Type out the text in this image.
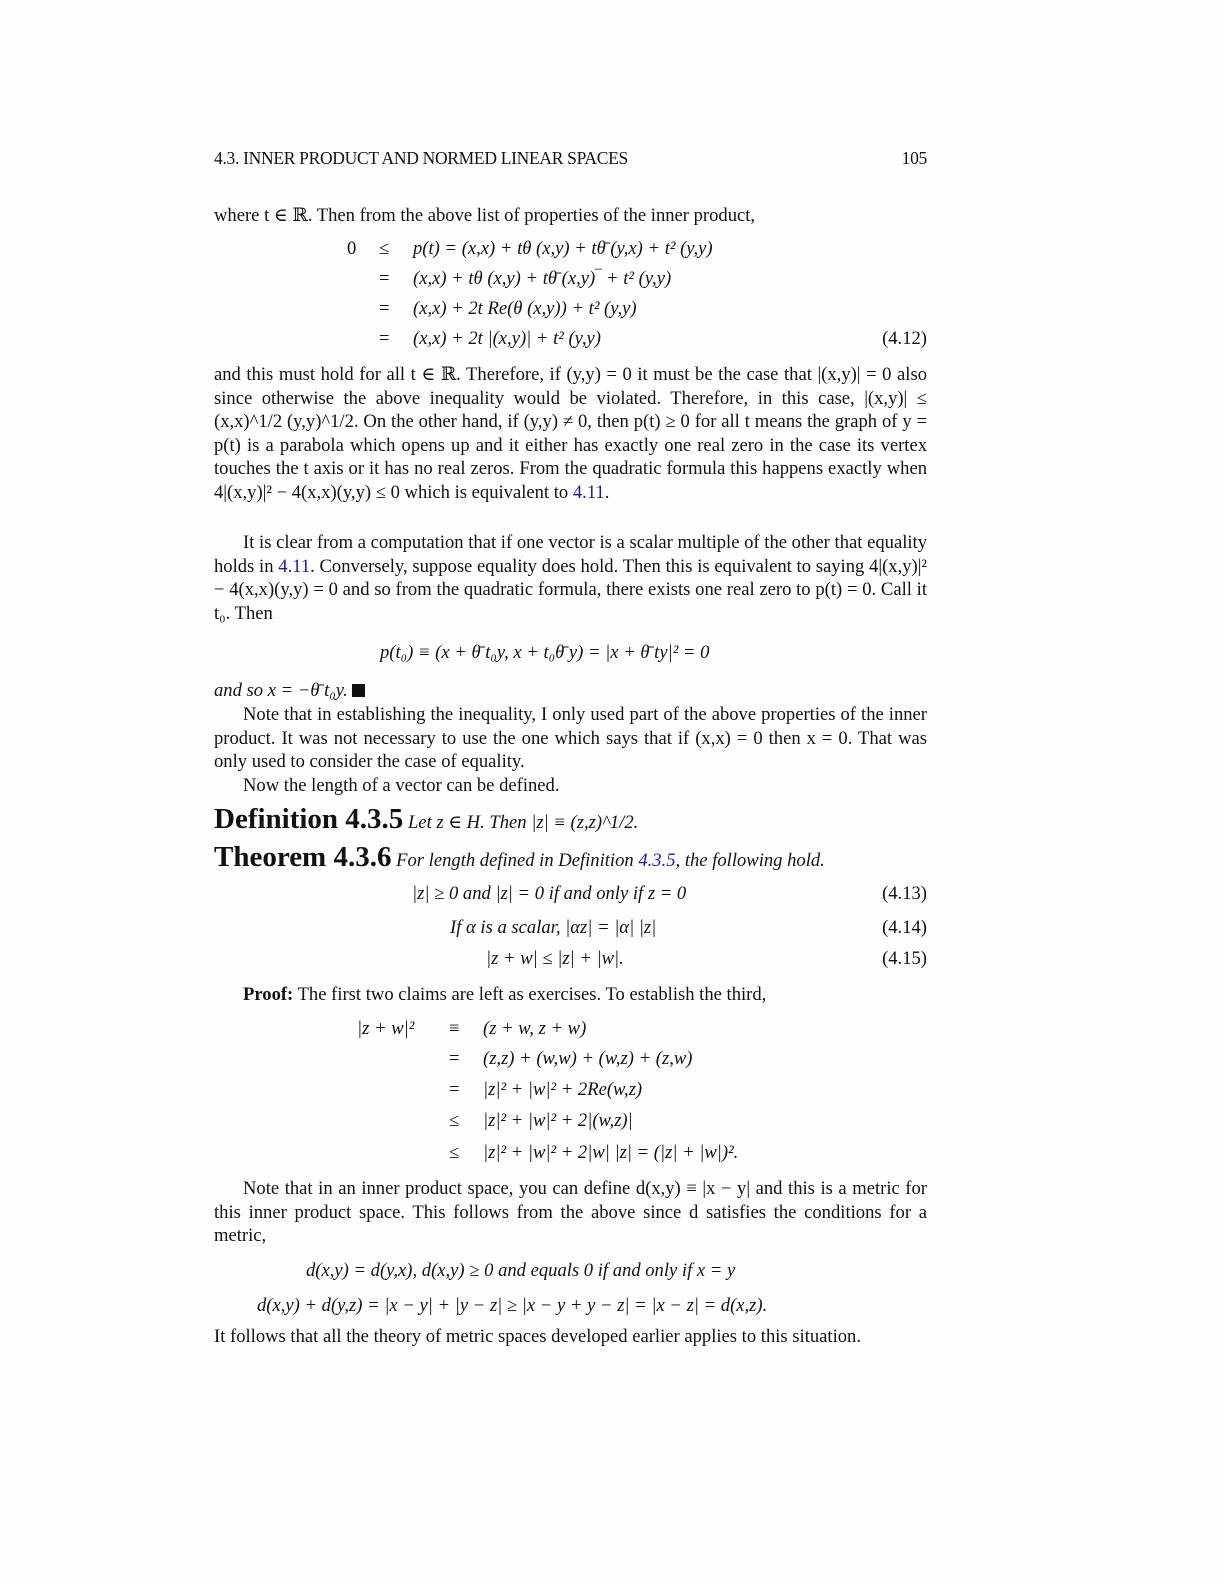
4.3. INNER PRODUCT AND NORMED LINEAR SPACES	105
where t ∈ ℝ. Then from the above list of properties of the inner product,
0 ≤ p(t) = (x,x) + tθ (x,y) + tθ̄ (y,x) + t² (y,y)
= (x,x) + tθ (x,y) + tθ̄ (x,y)‾ + t² (y,y)
= (x,x) + 2t Re(θ (x,y)) + t² (y,y)
= (x,x) + 2t |(x,y)| + t² (y,y)	(4.12)
and this must hold for all t ∈ ℝ. Therefore, if (y,y) = 0 it must be the case that |(x,y)| = 0 also since otherwise the above inequality would be violated. Therefore, in this case, |(x,y)| ≤ (x,x)^1/2 (y,y)^1/2. On the other hand, if (y,y) ≠ 0, then p(t) ≥ 0 for all t means the graph of y = p(t) is a parabola which opens up and it either has exactly one real zero in the case its vertex touches the t axis or it has no real zeros. From the quadratic formula this happens exactly when 4|(x,y)|² − 4(x,x)(y,y) ≤ 0 which is equivalent to 4.11.
It is clear from a computation that if one vector is a scalar multiple of the other that equality holds in 4.11. Conversely, suppose equality does hold. Then this is equivalent to saying 4|(x,y)|² − 4(x,x)(y,y) = 0 and so from the quadratic formula, there exists one real zero to p(t) = 0. Call it t₀. Then
p(t₀) ≡ (x + θ̄ t₀y, x + t₀θ̄ y) = |x + θ̄ ty|² = 0
and so x = −θ̄ t₀y.
Note that in establishing the inequality, I only used part of the above properties of the inner product. It was not necessary to use the one which says that if (x,x) = 0 then x = 0. That was only used to consider the case of equality.
Now the length of a vector can be defined.
Definition 4.3.5 Let z ∈ H. Then |z| ≡ (z,z)^1/2.
Theorem 4.3.6 For length defined in Definition 4.3.5, the following hold.
|z| ≥ 0 and |z| = 0 if and only if z = 0	(4.13)
If α is a scalar, |αz| = |α| |z|	(4.14)
|z + w| ≤ |z| + |w|.	(4.15)
Proof: The first two claims are left as exercises. To establish the third,
|z + w|² ≡ (z + w, z + w)
= (z,z) + (w,w) + (w,z) + (z,w)
= |z|² + |w|² + 2Re(w,z)
≤ |z|² + |w|² + 2|(w,z)|
≤ |z|² + |w|² + 2|w| |z| = (|z| + |w|)².
Note that in an inner product space, you can define d(x,y) ≡ |x − y| and this is a metric for this inner product space. This follows from the above since d satisfies the conditions for a metric,
d(x,y) = d(y,x), d(x,y) ≥ 0 and equals 0 if and only if x = y
d(x,y) + d(y,z) = |x − y| + |y − z| ≥ |x − y + y − z| = |x − z| = d(x,z).
It follows that all the theory of metric spaces developed earlier applies to this situation.
